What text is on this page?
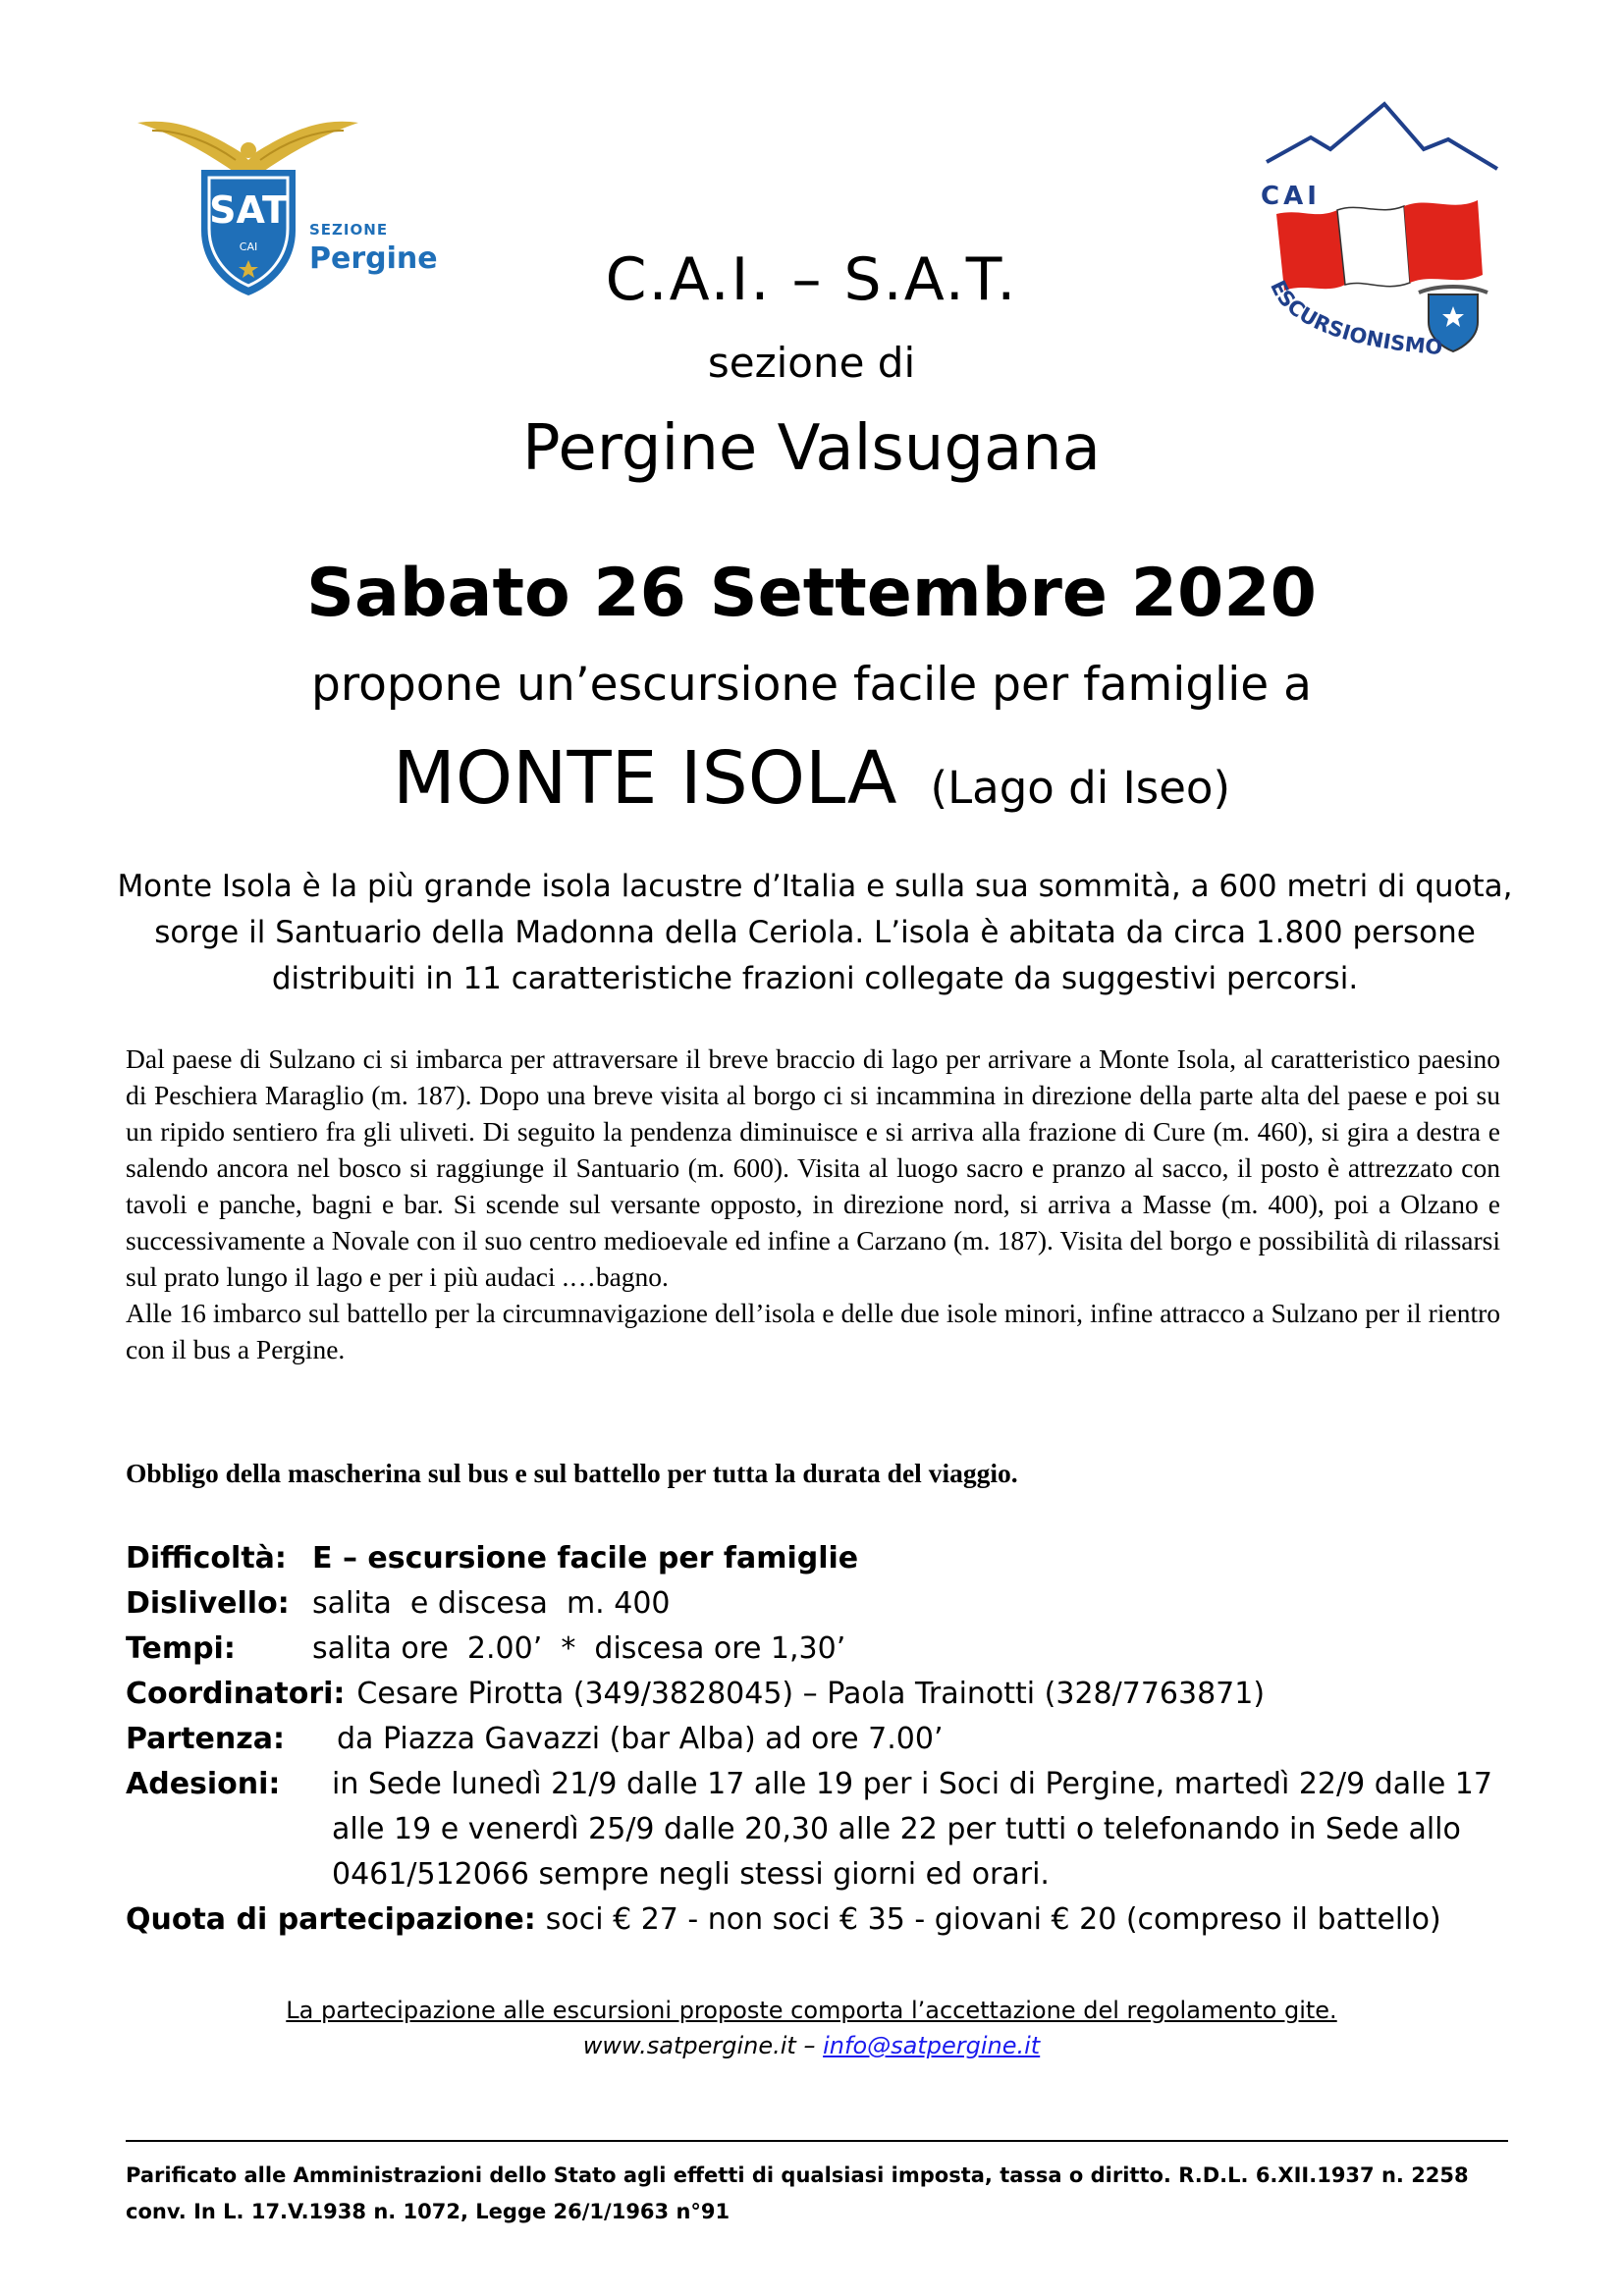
SAT
CAI
SEZIONE
Pergine
CAI
ESCURSIONISMO
C.A.I. – S.A.T.
sezione di
Pergine Valsugana
Sabato 26 Settembre 2020
propone un’escursione facile per famiglie a
MONTE ISOLA (Lago di Iseo)
Monte Isola è la più grande isola lacustre d’Italia e sulla sua sommità, a 600 metri di quota, sorge il Santuario della Madonna della Ceriola. L’isola è abitata da circa 1.800 persone distribuiti in 11 caratteristiche frazioni collegate da suggestivi percorsi.

Dal paese di Sulzano ci si imbarca per attraversare il breve braccio di lago per arrivare a Monte Isola, al caratteristico paesino di Peschiera Maraglio (m. 187). Dopo una breve visita al borgo ci si incammina in direzione della parte alta del paese e poi su un ripido sentiero fra gli uliveti. Di seguito la pendenza diminuisce e si arriva alla frazione di Cure (m. 460), si gira a destra e salendo ancora nel bosco si raggiunge il Santuario (m. 600). Visita al luogo sacro e pranzo al sacco, il posto è attrezzato con tavoli e panche, bagni e bar. Si scende sul versante opposto, in direzione nord, si arriva a Masse (m. 400), poi a Olzano e successivamente a Novale con il suo centro medioevale ed infine a Carzano (m. 187). Visita del borgo e possibilità di rilassarsi sul prato lungo il lago e per i più audaci .…bagno.

Alle 16 imbarco sul battello per la circumnavigazione dell’isola e delle due isole minori, infine attracco a Sulzano per il rientro con il bus a Pergine.

Obbligo della mascherina sul bus e sul battello per tutta la durata del viaggio.
Difficoltà: E – escursione facile per famiglie
Dislivello: salita  e discesa  m. 400
Tempi:	salita ore  2.00’  *  discesa ore 1,30’
Coordinatori: Cesare Pirotta (349/3828045) – Paola Trainotti (328/7763871)
Partenza:	da Piazza Gavazzi (bar Alba) ad ore 7.00’
Adesioni:	in Sede lunedì 21/9 dalle 17 alle 19 per i Soci di Pergine, martedì 22/9 dalle 17 alle 19 e venerdì 25/9 dalle 20,30 alle 22 per tutti o telefonando in Sede allo 0461/512066 sempre negli stessi giorni ed orari.
Quota di partecipazione: soci € 27 - non soci € 35 - giovani € 20 (compreso il battello)
La partecipazione alle escursioni proposte comporta l’accettazione del regolamento gite.
www.satpergine.it – info@satpergine.it
Parificato alle Amministrazioni dello Stato agli effetti di qualsiasi imposta, tassa o diritto. R.D.L. 6.XII.1937 n. 2258 conv. In L. 17.V.1938 n. 1072, Legge 26/1/1963 n°91
